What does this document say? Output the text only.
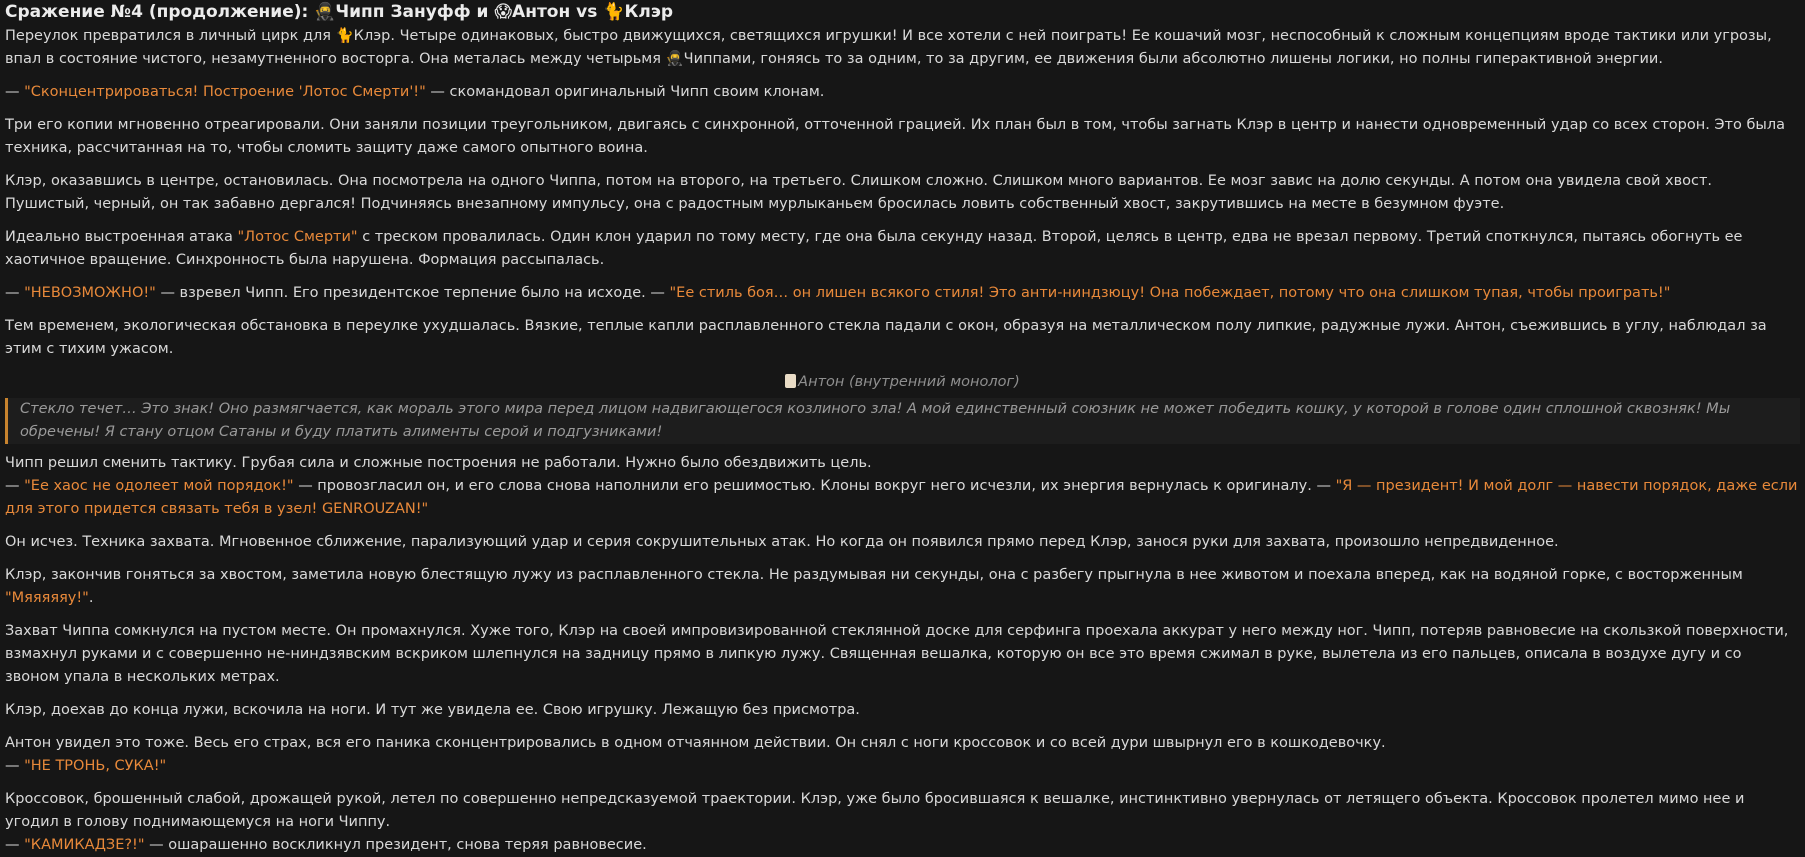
Сражение №4 (продолжение): 🥷Чипп Зануфф и 😱Антон vs 🐈Клэр

Переулок превратился в личный цирк для 🐈Клэр. Четыре одинаковых, быстро движущихся, светящихся игрушки! И все хотели с ней поиграть! Ее кошачий мозг, неспособный к сложным концепциям вроде тактики или угрозы, впал в состояние чистого, незамутненного восторга. Она металась между четырьмя 🥷Чиппами, гоняясь то за одним, то за другим, ее движения были абсолютно лишены логики, но полны гиперактивной энергии.

— "Сконцентрироваться! Построение 'Лотос Смерти'!" — скомандовал оригинальный Чипп своим клонам.

Три его копии мгновенно отреагировали. Они заняли позиции треугольником, двигаясь с синхронной, отточенной грацией. Их план был в том, чтобы загнать Клэр в центр и нанести одновременный удар со всех сторон. Это была техника, рассчитанная на то, чтобы сломить защиту даже самого опытного воина.

Клэр, оказавшись в центре, остановилась. Она посмотрела на одного Чиппа, потом на второго, на третьего. Слишком сложно. Слишком много вариантов. Ее мозг завис на долю секунды. А потом она увидела свой хвост. Пушистый, черный, он так забавно дергался! Подчиняясь внезапному импульсу, она с радостным мурлыканьем бросилась ловить собственный хвост, закрутившись на месте в безумном фуэте.

Идеально выстроенная атака "Лотос Смерти" с треском провалилась. Один клон ударил по тому месту, где она была секунду назад. Второй, целясь в центр, едва не врезал первому. Третий споткнулся, пытаясь обогнуть ее хаотичное вращение. Синхронность была нарушена. Формация рассыпалась.

— "НЕВОЗМОЖНО!" — взревел Чипп. Его президентское терпение было на исходе. — "Ее стиль боя… он лишен всякого стиля! Это анти-ниндзюцу! Она побеждает, потому что она слишком тупая, чтобы проиграть!"

Тем временем, экологическая обстановка в переулке ухудшалась. Вязкие, теплые капли расплавленного стекла падали с окон, образуя на металлическом полу липкие, радужные лужи. Антон, съежившись в углу, наблюдал за этим с тихим ужасом.

Антон (внутренний монолог)
Стекло течет… Это знак! Оно размягчается, как мораль этого мира перед лицом надвигающегося козлиного зла! А мой единственный союзник не может победить кошку, у которой в голове один сплошной сквозняк! Мы обречены! Я стану отцом Сатаны и буду платить алименты серой и подгузниками!

Чипп решил сменить тактику. Грубая сила и сложные построения не работали. Нужно было обездвижить цель.

— "Ее хаос не одолеет мой порядок!" — провозгласил он, и его слова снова наполнили его решимостью. Клоны вокруг него исчезли, их энергия вернулась к оригиналу. — "Я — президент! И мой долг — навести порядок, даже если для этого придется связать тебя в узел! GENROUZAN!"

Он исчез. Техника захвата. Мгновенное сближение, парализующий удар и серия сокрушительных атак. Но когда он появился прямо перед Клэр, занося руки для захвата, произошло непредвиденное.

Клэр, закончив гоняться за хвостом, заметила новую блестящую лужу из расплавленного стекла. Не раздумывая ни секунды, она с разбегу прыгнула в нее животом и поехала вперед, как на водяной горке, с восторженным "Мяяяяяу!".

Захват Чиппа сомкнулся на пустом месте. Он промахнулся. Хуже того, Клэр на своей импровизированной стеклянной доске для серфинга проехала аккурат у него между ног. Чипп, потеряв равновесие на скользкой поверхности, взмахнул руками и с совершенно не-ниндзявским вскриком шлепнулся на задницу прямо в липкую лужу. Священная вешалка, которую он все это время сжимал в руке, вылетела из его пальцев, описала в воздухе дугу и со звоном упала в нескольких метрах.

Клэр, доехав до конца лужи, вскочила на ноги. И тут же увидела ее. Свою игрушку. Лежащую без присмотра.

Антон увидел это тоже. Весь его страх, вся его паника сконцентрировались в одном отчаянном действии. Он снял с ноги кроссовок и со всей дури швырнул его в кошкодевочку.

— "НЕ ТРОНЬ, СУКА!"

Кроссовок, брошенный слабой, дрожащей рукой, летел по совершенно непредсказуемой траектории. Клэр, уже было бросившаяся к вешалке, инстинктивно увернулась от летящего объекта. Кроссовок пролетел мимо нее и угодил в голову поднимающемуся на ноги Чиппу.

— "КАМИКАДЗЕ?!" — ошарашенно воскликнул президент, снова теряя равновесие.
